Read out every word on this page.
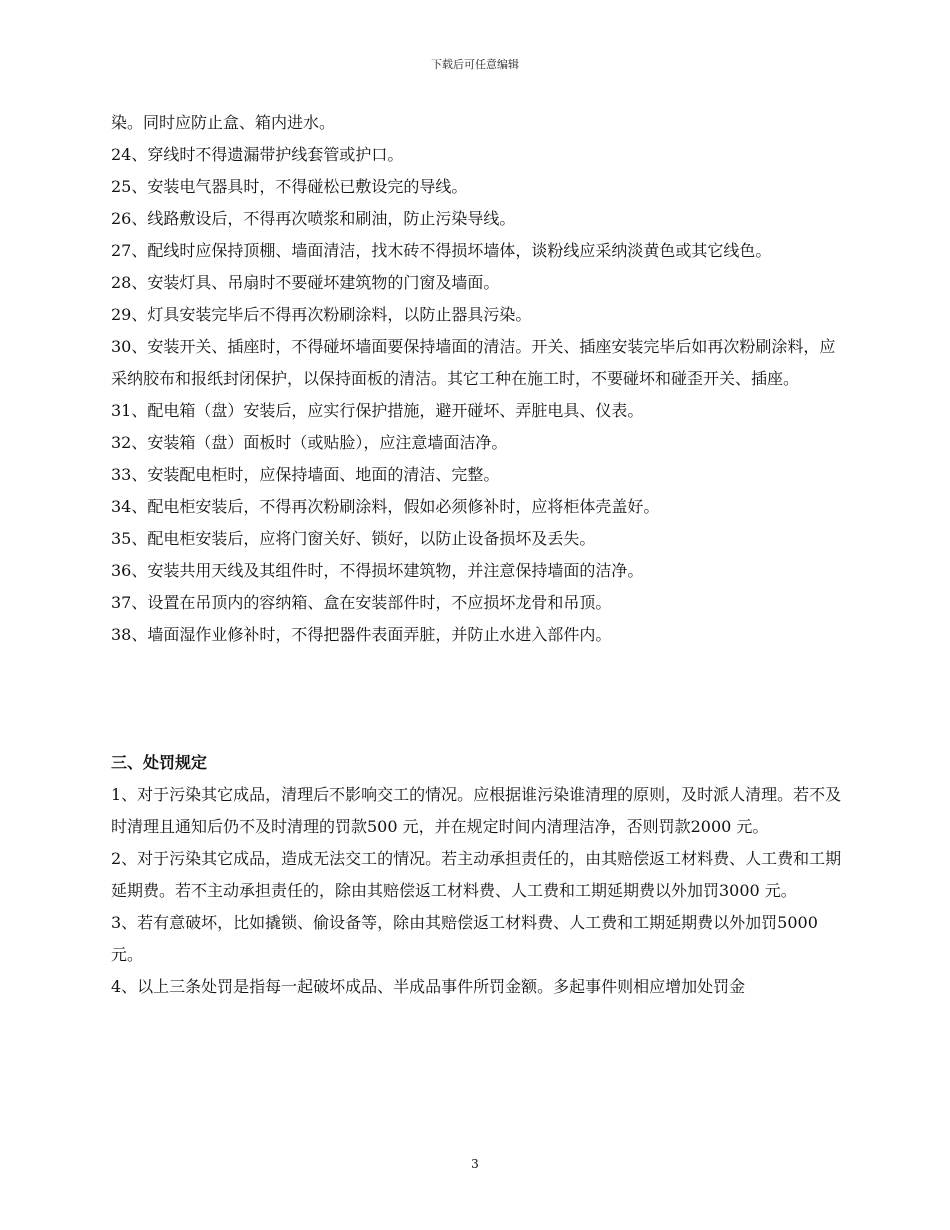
下载后可任意编辑

染。同时应防止盒、箱内进水。

24、穿线时不得遗漏带护线套管或护口。

25、安装电气器具时，不得碰松已敷设完的导线。

26、线路敷设后，不得再次喷浆和刷油，防止污染导线。

27、配线时应保持顶棚、墙面清洁，找木砖不得损坏墙体，谈粉线应采纳淡黄色或其它线色。

28、安装灯具、吊扇时不要碰坏建筑物的门窗及墙面。

29、灯具安装完毕后不得再次粉刷涂料，以防止器具污染。

30、安装开关、插座时，不得碰坏墙面要保持墙面的清洁。开关、插座安装完毕后如再次粉刷涂料，应采纳胶布和报纸封闭保护，以保持面板的清洁。其它工种在施工时，不要碰坏和碰歪开关、插座。

31、配电箱（盘）安装后，应实行保护措施，避开碰坏、弄脏电具、仪表。

32、安装箱（盘）面板时（或贴脸），应注意墙面洁净。

33、安装配电柜时，应保持墙面、地面的清洁、完整。

34、配电柜安装后，不得再次粉刷涂料，假如必须修补时，应将柜体壳盖好。

35、配电柜安装后，应将门窗关好、锁好，以防止设备损坏及丢失。

36、安装共用天线及其组件时，不得损坏建筑物，并注意保持墙面的洁净。

37、设置在吊顶内的容纳箱、盒在安装部件时，不应损坏龙骨和吊顶。

38、墙面湿作业修补时，不得把器件表面弄脏，并防止水进入部件内。

三、处罚规定

1、对于污染其它成品，清理后不影响交工的情况。应根据谁污染谁清理的原则，及时派人清理。若不及时清理且通知后仍不及时清理的罚款500 元，并在规定时间内清理洁净，否则罚款2000 元。

2、对于污染其它成品，造成无法交工的情况。若主动承担责任的，由其赔偿返工材料费、人工费和工期延期费。若不主动承担责任的，除由其赔偿返工材料费、人工费和工期延期费以外加罚3000 元。

3、若有意破坏，比如撬锁、偷设备等，除由其赔偿返工材料费、人工费和工期延期费以外加罚5000 元。

4、以上三条处罚是指每一起破坏成品、半成品事件所罚金额。多起事件则相应增加处罚金

3
